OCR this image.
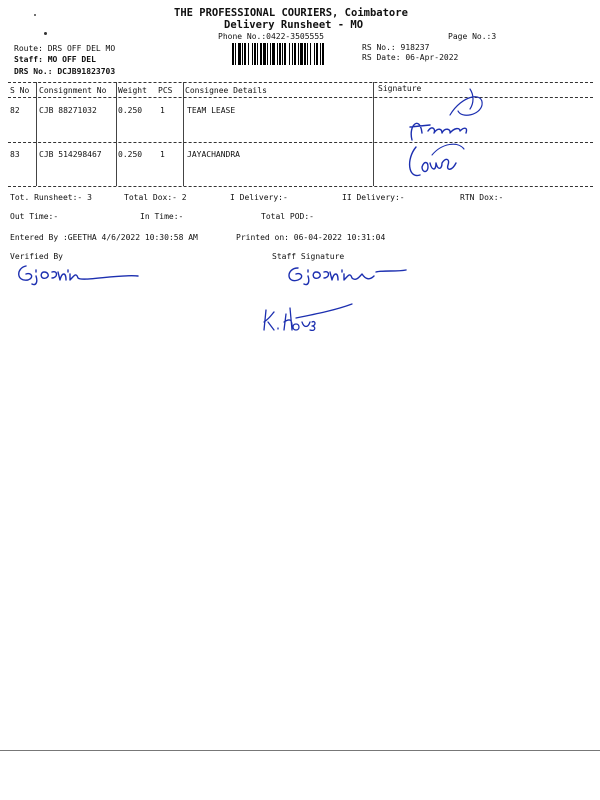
THE PROFESSIONAL COURIERS, Coimbatore
Delivery Runsheet - MO
Phone No.:0422-3505555	Page No.:3
Route: DRS OFF DEL MO
Staff: MO OFF DEL
DRS No.: DCJB91823703
RS No.: 918237
RS Date: 06-Apr-2022
S No Consignment No Weight PCS Consignee Details	Signature
82 CJB 88271032	0.250 1	TEAM LEASE
83 CJB 514298467 0.250 1	JAYACHANDRA
Tot. Runsheet:- 3	Total Dox:- 2	I Delivery:-	II Delivery:-	RTN Dox:-
Out Time:-	In Time:-	Total POD:-
Entered By :GEETHA 4/6/2022 10:30:58 AM	Printed on: 06-04-2022 10:31:04
Verified By	Staff Signature
